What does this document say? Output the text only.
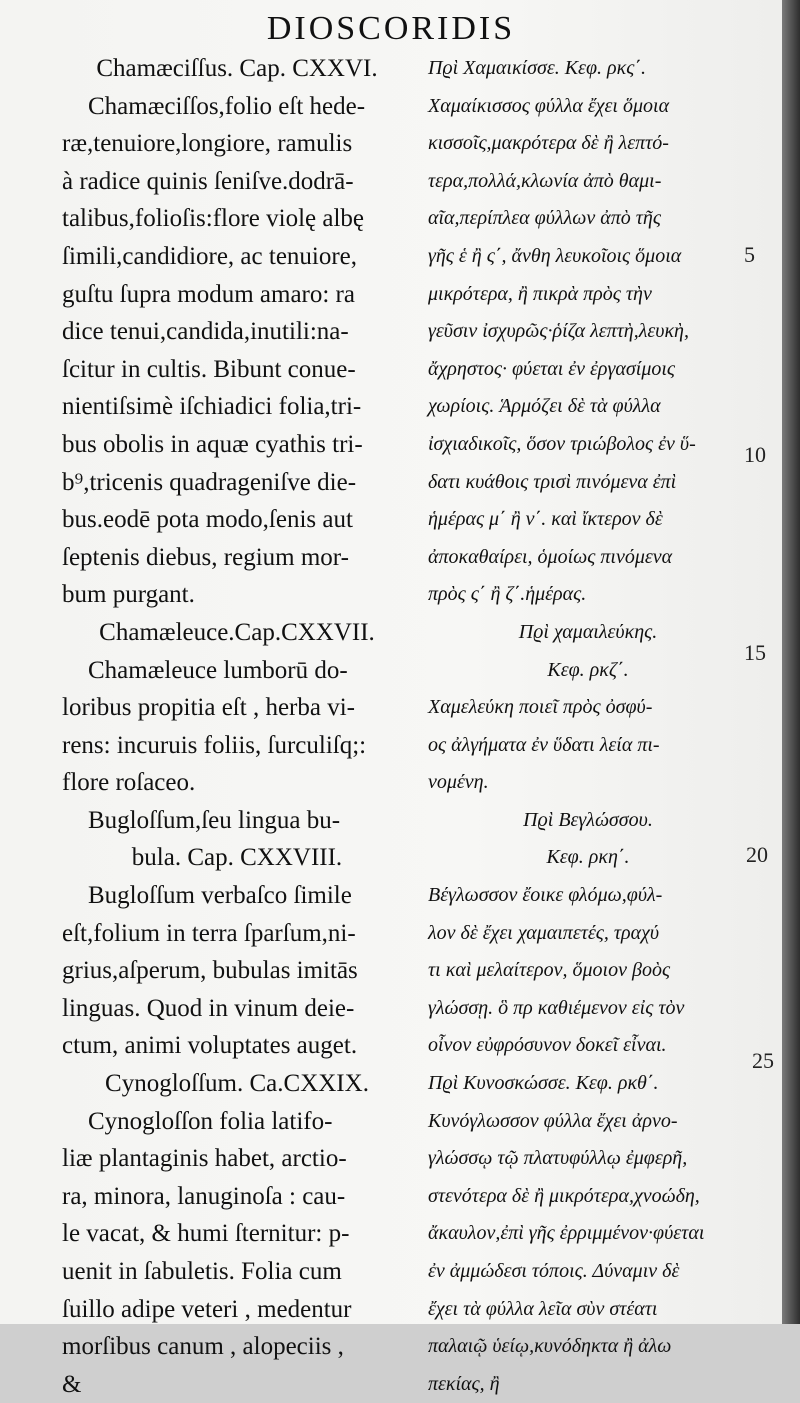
DIOSCORIDIS
Chamæciſſus. Cap. CXXVI.
Chamæciſſos,folio eſt hede-
ræ,tenuiore,longiore, ramulis
à radice quinis ſeniſve.dodrā-
talibus,folioſis:flore violę albę
ſimili,candidiore, ac tenuiore,
guſtu ſupra modum amaro: ra
dice tenui,candida,inutili:na-
ſcitur in cultis. Bibunt conue-
nientiſsimè iſchiadici folia,tri-
bus obolis in aquæ cyathis tri-
b⁹,tricenis quadrageniſve die-
bus.eodē pota modo,ſenis aut
ſeptenis diebus, regium mor-
bum purgant.
Chamæleuce.Cap.CXXVII.
Chamæleuce lumborū do-
loribus propitia eſt , herba vi-
rens: incuruis foliis, ſurculiſq;:
flore roſaceo.
Bugloſſum,ſeu lingua bu-
bula. Cap. CXXVIII.
Bugloſſum verbaſco ſimile
eſt,folium in terra ſparſum,ni-
grius,aſperum, bubulas imitās
linguas. Quod in vinum deie-
ctum, animi voluptates auget.
Cynogloſſum. Ca.CXXIX.
Cynogloſſon folia latifo-
liæ plantaginis habet, arctio-
ra, minora, lanuginoſa : cau-
le vacat, & humi ſternitur: p-
uenit in ſabuletis. Folia cum
ſuillo adipe veteri , medentur
morſibus canum , alopeciis ,
&
Πϱὶ Χαμαικίσσε. Κεφ. ρκς΄.
Χαμαίκισσος φύλλα ἔχει ὅμοια
κισσοῖς,μακρότερα δὲ ἢ λεπτό-
τερα,πολλά,κλωνία ἀπὸ θαμι-
αῖα,περίπλεα φύλλων ἀπὸ τῆς
γῆς ἑ ἢ ς΄, ἄνθη λευκοῖοις ὅμοια
μικρότερα, ἢ πικρὰ πρὸς τὴν
γεῦσιν ἰσχυρῶς·ῥίζα λεπτὴ,λευκὴ,
ἄχρηστος· φύεται ἐν ἐργασίμοις
χωρίοις. Ἁρμόζει δὲ τὰ φύλλα
ἰσχιαδικοῖς, ὅσον τριώβολος ἐν ὕ-
δατι κυάθοις τρισὶ πινόμενα ἐπὶ
ἡμέρας μ΄ ἢ ν΄. καὶ ἴκτερον δὲ
ἀποκαθαίρει, ὁμοίως πινόμενα
πρὸς ς΄ ἢ ζ΄.ἡμέρας.
Πϱὶ χαμαιλεύκης.
Κεφ. ρκζ΄.
Χαμελεύκη ποιεῖ πρὸς ὀσφύ-
ος ἀλγήματα ἐν ὕδατι λεία πι-
νομένη.
Πϱὶ Βεγλώσσου.
Κεφ. ρκη΄.
Βέγλωσσον ἔοικε φλόμω,φύλ-
λον δὲ ἔχει χαμαιπετές, τραχύ
τι καὶ μελαίτερον, ὅμοιον βοὸς
γλώσσῃ. ὃ πρ καθιέμενον εἰς τὸν
οἶνον εὐφρόσυνον δοκεῖ εἶναι.
Πϱὶ Κυνοσκώσσε. Κεφ. ρκθ΄.
Κυνόγλωσσον φύλλα ἔχει ἀρνο-
γλώσσῳ τῷ πλατυφύλλῳ ἐμφερῆ,
στενότερα δὲ ἢ μικρότερα,χνοώδη,
ἄκαυλον,ἐπὶ γῆς ἐρριμμένον·φύεται
ἐν ἀμμώδεσι τόποις. Δύναμιν δὲ
ἔχει τὰ φύλλα λεῖα σὺν στέατι
παλαιῷ ὑείῳ,κυνόδηκτα ἢ ἀλω
πεκίας, ἢ
5
10
15
20
25
